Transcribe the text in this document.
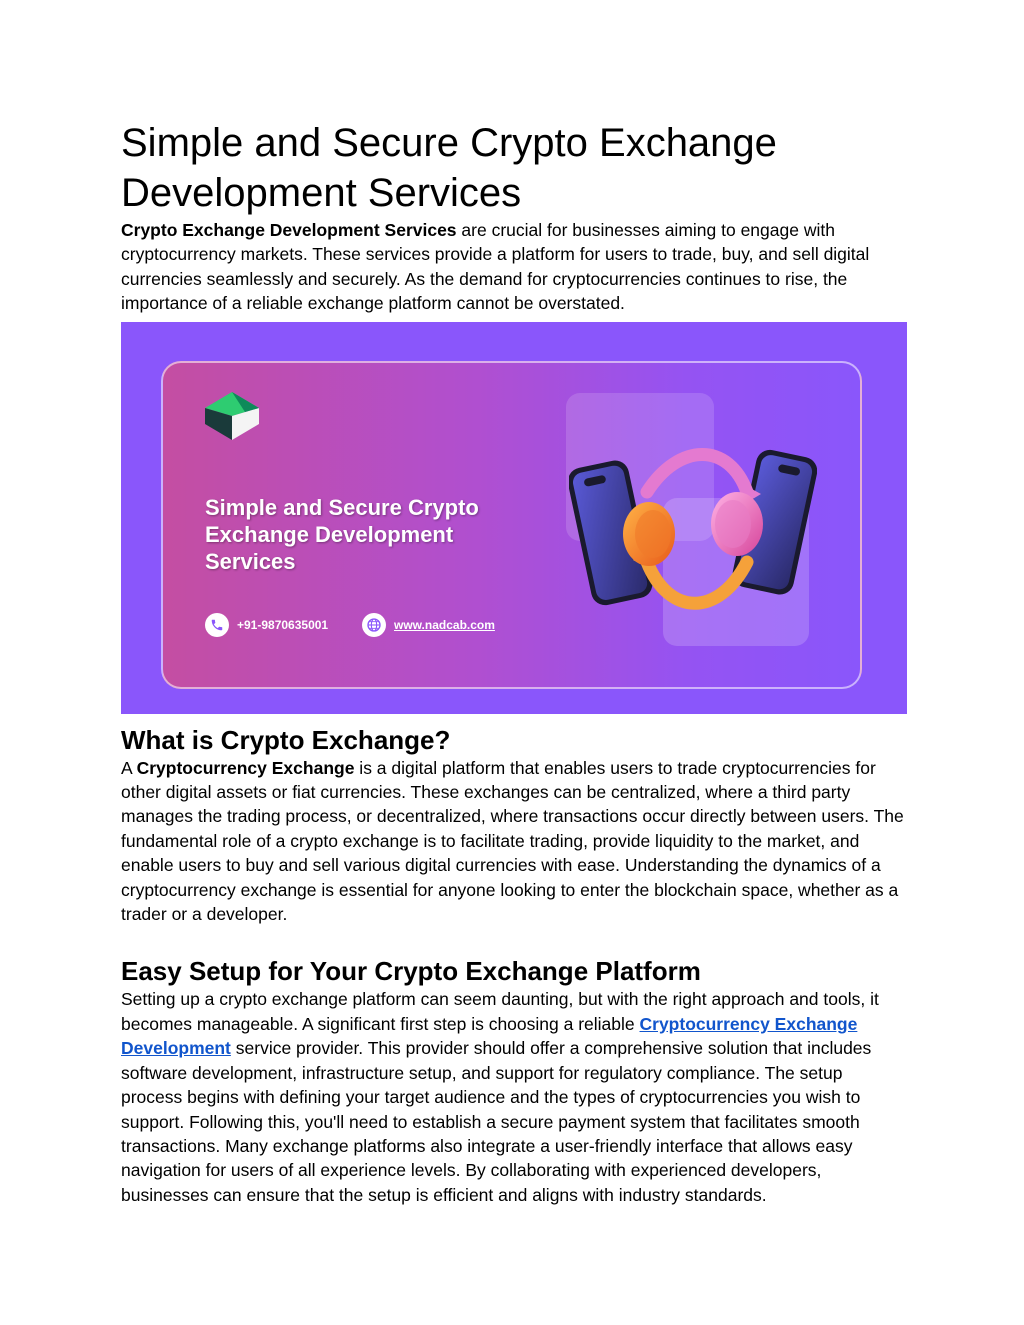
Simple and Secure Crypto Exchange Development Services

Crypto Exchange Development Services are crucial for businesses aiming to engage with cryptocurrency markets. These services provide a platform for users to trade, buy, and sell digital currencies seamlessly and securely. As the demand for cryptocurrencies continues to rise, the importance of a reliable exchange platform cannot be overstated.

Simple and Secure Crypto Exchange Development Services
+91-9870635001	www.nadcab.com
What is Crypto Exchange?

A Cryptocurrency Exchange is a digital platform that enables users to trade cryptocurrencies for other digital assets or fiat currencies. These exchanges can be centralized, where a third party manages the trading process, or decentralized, where transactions occur directly between users. The fundamental role of a crypto exchange is to facilitate trading, provide liquidity to the market, and enable users to buy and sell various digital currencies with ease. Understanding the dynamics of a cryptocurrency exchange is essential for anyone looking to enter the blockchain space, whether as a trader or a developer.

Easy Setup for Your Crypto Exchange Platform

Setting up a crypto exchange platform can seem daunting, but with the right approach and tools, it becomes manageable. A significant first step is choosing a reliable Cryptocurrency Exchange Development service provider. This provider should offer a comprehensive solution that includes software development, infrastructure setup, and support for regulatory compliance. The setup process begins with defining your target audience and the types of cryptocurrencies you wish to support. Following this, you'll need to establish a secure payment system that facilitates smooth transactions. Many exchange platforms also integrate a user-friendly interface that allows easy navigation for users of all experience levels. By collaborating with experienced developers, businesses can ensure that the setup is efficient and aligns with industry standards.
